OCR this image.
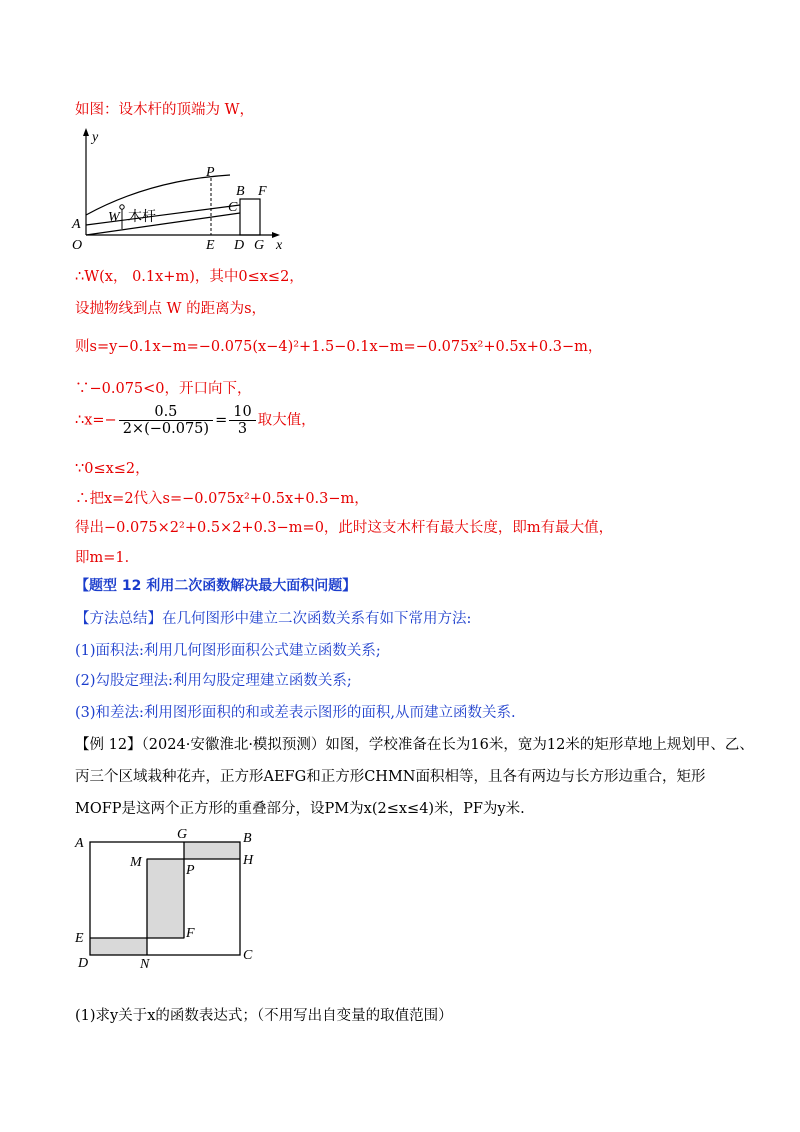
如图：设木杆的顶端为 W，
y
x
O
A
P
B F
C
W 木杆
E D G
∴W(x， 0.1x+m)，其中0≤x≤2，
设抛物线到点 W 的距离为s，
则s=y−0.1x−m=−0.075(x−4)²+1.5−0.1x−m=−0.075x²+0.5x+0.3−m，
∵−0.075<0，开口向下，
∴x=− $\frac{0.5}{2\times(-0.075)} = \frac{10}{3}$ 取大值，
∵0≤x≤2，
∴把x=2代入s=−0.075x²+0.5x+0.3−m，
得出−0.075×2²+0.5×2+0.3−m=0，此时这支木杆有最大长度，即m有最大值，
即m=1．
【题型 12 利用二次函数解决最大面积问题】
【方法总结】在几何图形中建立二次函数关系有如下常用方法:
(1)面积法:利用几何图形面积公式建立函数关系;
(2)勾股定理法:利用勾股定理建立函数关系;
(3)和差法:利用图形面积的和或差表示图形的面积,从而建立函数关系.
【例 12】（2024·安徽淮北·模拟预测）如图，学校准备在长为16米，宽为12米的矩形草地上规划甲、乙、
丙三个区域栽种花卉，正方形AEFG和正方形CHMN面积相等，且各有两边与长方形边重合，矩形
MOFP是这两个正方形的重叠部分，设PM为x(2≤x≤4)米，PF为y米.
A
G	B
M	H
P
E	F
D	N
C
(1)求y关于x的函数表达式；（不用写出自变量的取值范围）
